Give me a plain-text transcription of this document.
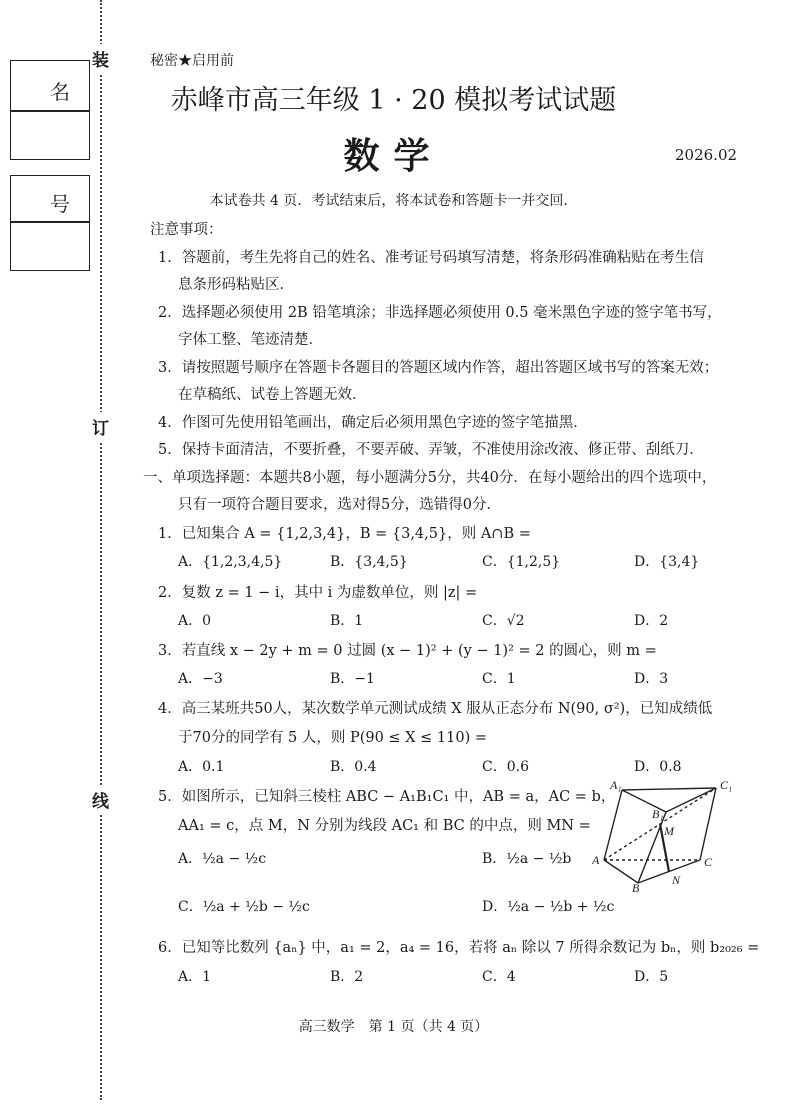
装
订
线
名
号
秘密★启用前
赤峰市高三年级 1 · 20 模拟考试试题
数学	2026.02
本试卷共 4 页．考试结束后，将本试卷和答题卡一并交回．
注意事项：
1．答题前，考生先将自己的姓名、准考证号码填写清楚，将条形码准确粘贴在考生信
息条形码粘贴区．
2．选择题必须使用 2B 铅笔填涂；非选择题必须使用 0.5 毫米黑色字迹的签字笔书写，
字体工整、笔迹清楚．
3．请按照题号顺序在答题卡各题目的答题区域内作答，超出答题区域书写的答案无效；
在草稿纸、试卷上答题无效．
4．作图可先使用铅笔画出，确定后必须用黑色字迹的签字笔描黑．
5．保持卡面清洁，不要折叠，不要弄破、弄皱，不准使用涂改液、修正带、刮纸刀．
一、单项选择题：本题共8小题，每小题满分5分，共40分．在每小题给出的四个选项中，
只有一项符合题目要求，选对得5分，选错得0分．
1．已知集合 A = {1,2,3,4}，B = {3,4,5}，则 A∩B =
A．{1,2,3,4,5}	B．{3,4,5}	C．{1,2,5}	D．{3,4}
2．复数 z = 1 − i，其中 i 为虚数单位，则 |z| =
A．0	B．1	C．√2	D．2
3．若直线 x − 2y + m = 0 过圆 (x − 1)² + (y − 1)² = 2 的圆心，则 m =
A．−3	B．−1	C．1	D．3
4．高三某班共50人，某次数学单元测试成绩 X 服从正态分布 N(90, σ²)，已知成绩低
于70分的同学有 5 人，则 P(90 ≤ X ≤ 110) =
A．0.1	B．0.4	C．0.6	D．0.8
5．如图所示，已知斜三棱柱 ABC − A₁B₁C₁ 中，AB = a，AC = b，
AA₁ = c，点 M，N 分别为线段 AC₁ 和 BC 的中点，则 MN =
A．½a − ½c	B．½a − ½b
C．½a + ½b − ½c	D．½a − ½b + ½c
A₁	C₁
B₁
M
A	C
B
N
6．已知等比数列 {aₙ} 中，a₁ = 2，a₄ = 16，若将 aₙ 除以 7 所得余数记为 bₙ，则 b₂₀₂₆ =
A．1	B．2	C．4	D．5
高三数学　第 1 页（共 4 页）
